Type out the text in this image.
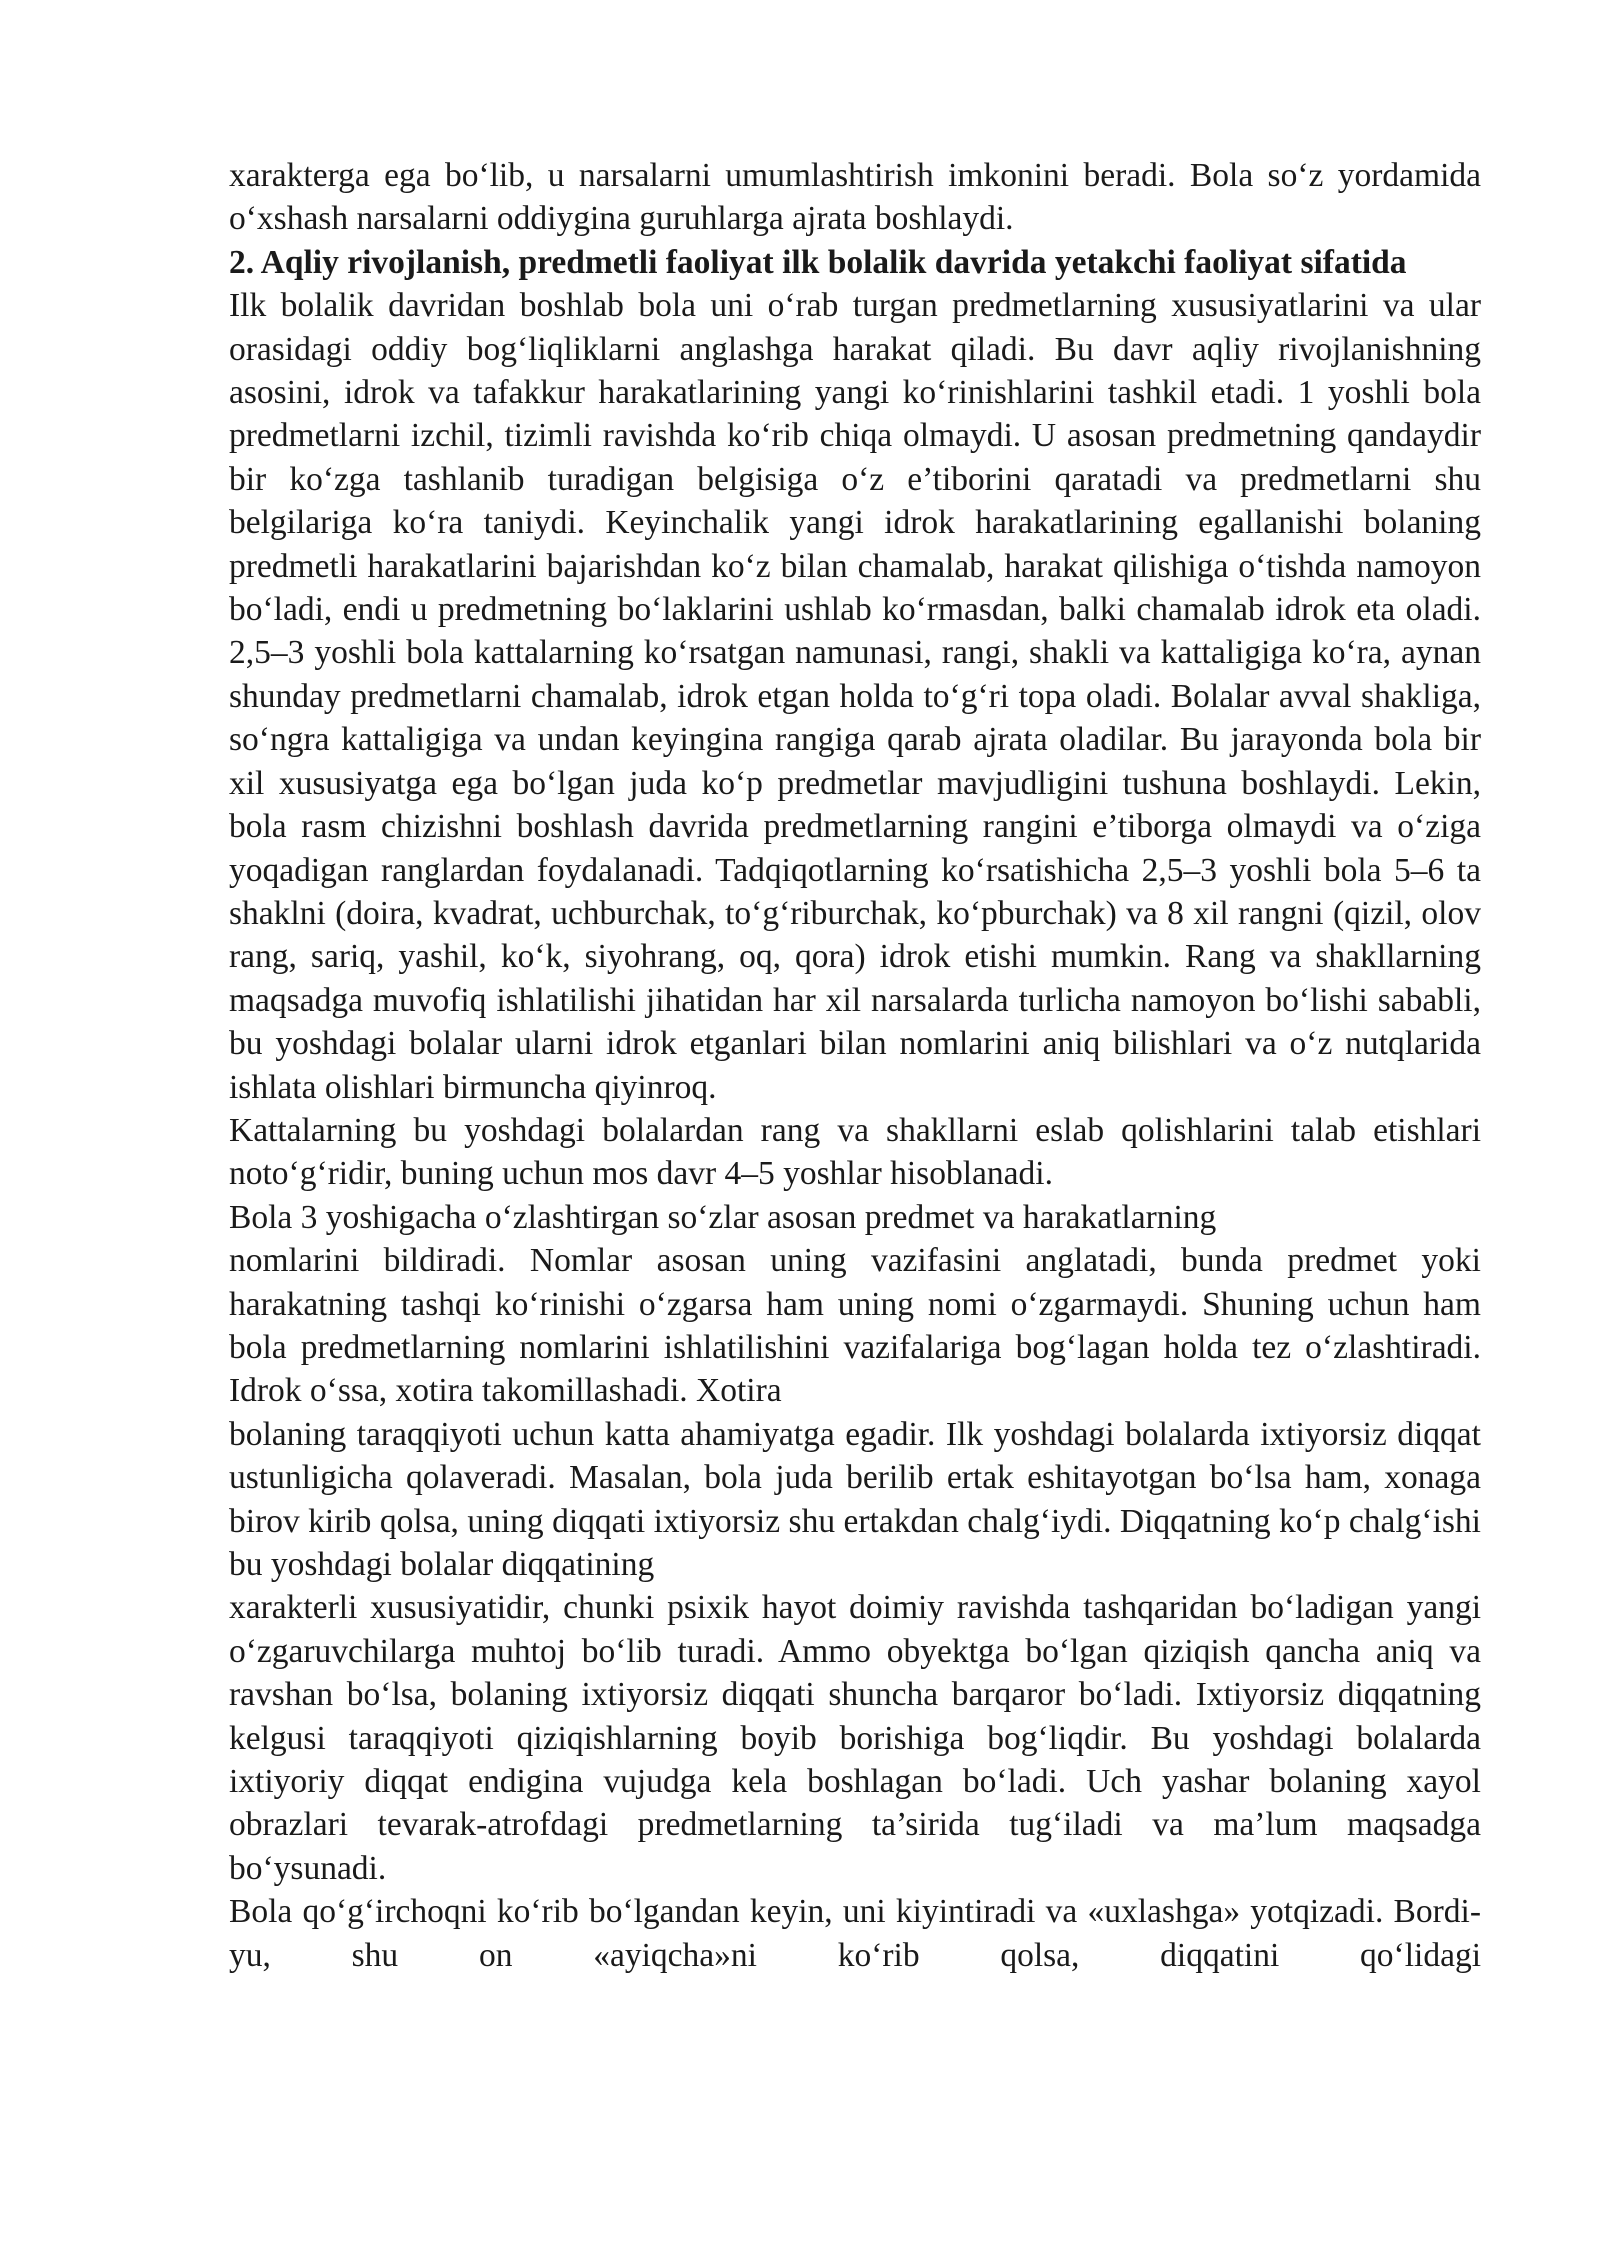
xarakterga ega bo‘lib, u narsalarni umumlashtirish imkonini beradi. Bola so‘z yordamida o‘xshash narsalarni oddiygina guruhlarga ajrata boshlaydi.

2. Aqliy rivojlanish, predmetli faoliyat ilk bolalik davrida yetakchi faoliyat sifatida

Ilk bolalik davridan boshlab bola uni o‘rab turgan predmetlarning xususiyatlarini va ular orasidagi oddiy bog‘liqliklarni anglashga harakat qiladi. Bu davr aqliy rivojlanishning asosini, idrok va tafakkur harakatlarining yangi ko‘rinishlarini tashkil etadi. 1 yoshli bola predmetlarni izchil, tizimli ravishda ko‘rib chiqa olmaydi. U asosan predmetning qandaydir bir ko‘zga tashlanib turadigan belgisiga o‘z e’tiborini qaratadi va predmetlarni shu belgilariga ko‘ra taniydi. Keyinchalik yangi idrok harakatlarining egallanishi bolaning predmetli harakatlarini bajarishdan ko‘z bilan chamalab, harakat qilishiga o‘tishda namoyon bo‘ladi, endi u predmetning bo‘laklarini ushlab ko‘rmasdan, balki chamalab idrok eta oladi. 2,5–3 yoshli bola kattalarning ko‘rsatgan namunasi, rangi, shakli va kattaligiga ko‘ra, aynan shunday predmetlarni chamalab, idrok etgan holda to‘g‘ri topa oladi. Bolalar avval shakliga, so‘ngra kattaligiga va undan keyingina rangiga qarab ajrata oladilar. Bu jarayonda bola bir xil xususiyatga ega bo‘lgan juda ko‘p predmetlar mavjudligini tushuna boshlaydi. Lekin, bola rasm chizishni boshlash davrida predmetlarning rangini e’tiborga olmaydi va o‘ziga yoqadigan ranglardan foydalanadi. Tadqiqotlarning ko‘rsatishicha 2,5–3 yoshli bola 5–6 ta shaklni (doira, kvadrat, uchburchak, to‘g‘riburchak, ko‘pburchak) va 8 xil rangni (qizil, olov rang, sariq, yashil, ko‘k, siyohrang, oq, qora) idrok etishi mumkin. Rang va shakllarning maqsadga muvofiq ishlatilishi jihatidan har xil narsalarda turlicha namoyon bo‘lishi sababli, bu yoshdagi bolalar ularni idrok etganlari bilan nomlarini aniq bilishlari va o‘z nutqlarida ishlata olishlari birmuncha qiyinroq.

Kattalarning bu yoshdagi bolalardan rang va shakllarni eslab qolishlarini talab etishlari noto‘g‘ridir, buning uchun mos davr 4–5 yoshlar hisoblanadi.

Bola 3 yoshigacha o‘zlashtirgan so‘zlar asosan predmet va harakatlarning

nomlarini bildiradi. Nomlar asosan uning vazifasini anglatadi, bunda predmet yoki harakatning tashqi ko‘rinishi o‘zgarsa ham uning nomi o‘zgarmaydi. Shuning uchun ham bola predmetlarning nomlarini ishlatilishini vazifalariga bog‘lagan holda tez o‘zlashtiradi. Idrok o‘ssa, xotira takomillashadi. Xotira

bolaning taraqqiyoti uchun katta ahamiyatga egadir. Ilk yoshdagi bolalarda ixtiyorsiz diqqat ustunligicha qolaveradi. Masalan, bola juda berilib ertak eshitayotgan bo‘lsa ham, xonaga birov kirib qolsa, uning diqqati ixtiyorsiz shu ertakdan chalg‘iydi. Diqqatning ko‘p chalg‘ishi bu yoshdagi bolalar diqqatining

xarakterli xususiyatidir, chunki psixik hayot doimiy ravishda tashqaridan bo‘ladigan yangi o‘zgaruvchilarga muhtoj bo‘lib turadi. Ammo obyektga bo‘lgan qiziqish qancha aniq va ravshan bo‘lsa, bolaning ixtiyorsiz diqqati shuncha barqaror bo‘ladi. Ixtiyorsiz diqqatning kelgusi taraqqiyoti qiziqishlarning boyib borishiga bog‘liqdir. Bu yoshdagi bolalarda ixtiyoriy diqqat endigina vujudga kela boshlagan bo‘ladi. Uch yashar bolaning xayol obrazlari tevarak-atrofdagi predmetlarning ta’sirida tug‘iladi va ma’lum maqsadga bo‘ysunadi.

Bola qo‘g‘irchoqni ko‘rib bo‘lgandan keyin, uni kiyintiradi va «uxlashga» yotqizadi. Bordi-yu, shu on «ayiqcha»ni ko‘rib qolsa, diqqatini qo‘lidagi
